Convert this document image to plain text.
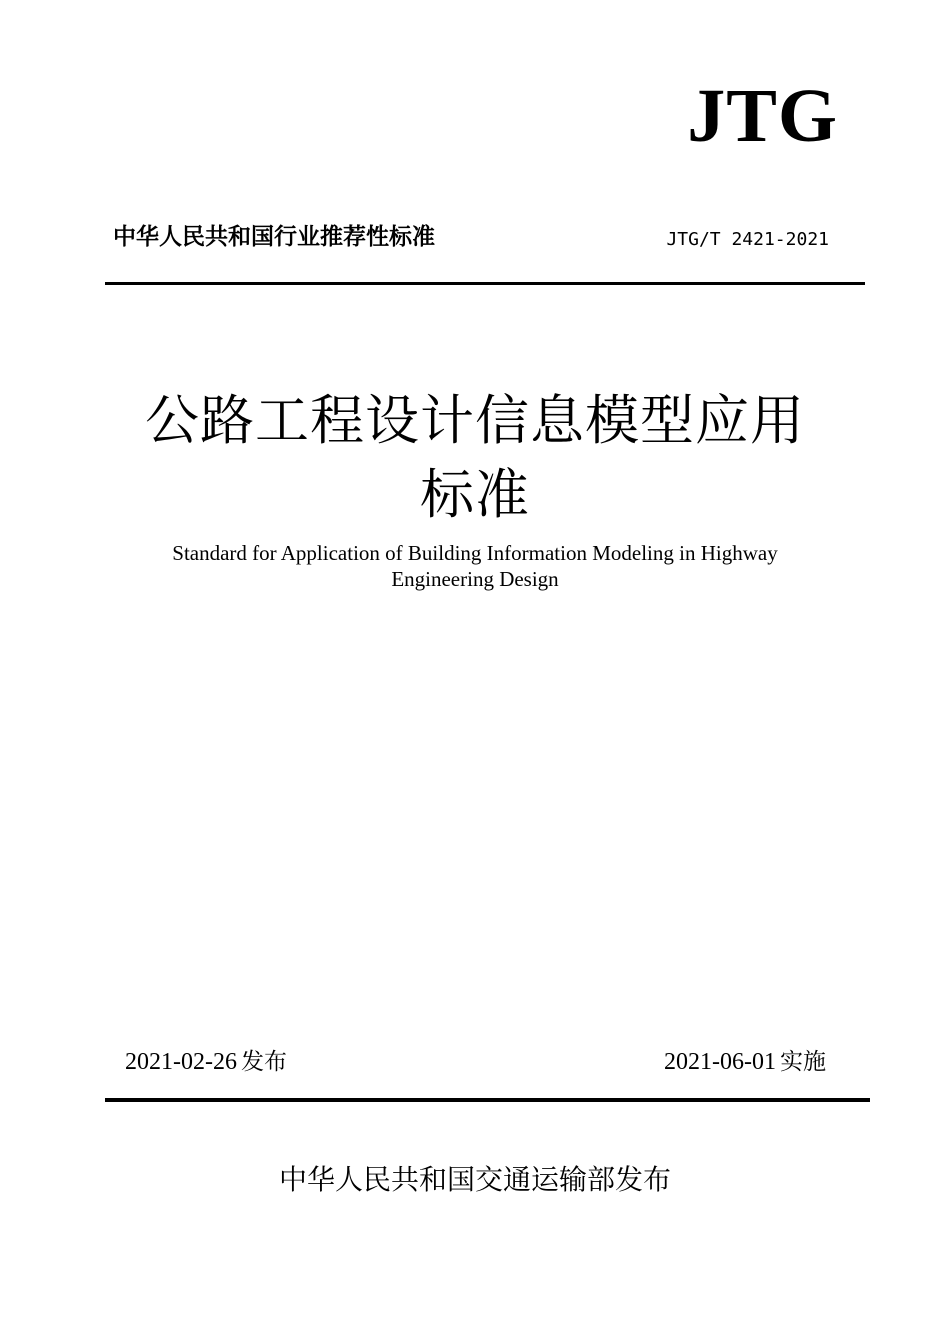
JTG
中华人民共和国行业推荐性标准	JTG/T 2421-2021
公路工程设计信息模型应用
标准
Standard for Application of Building Information Modeling in Highway
Engineering Design
2021-02-26 发布	2021-06-01 实施
中华人民共和国交通运输部发布
